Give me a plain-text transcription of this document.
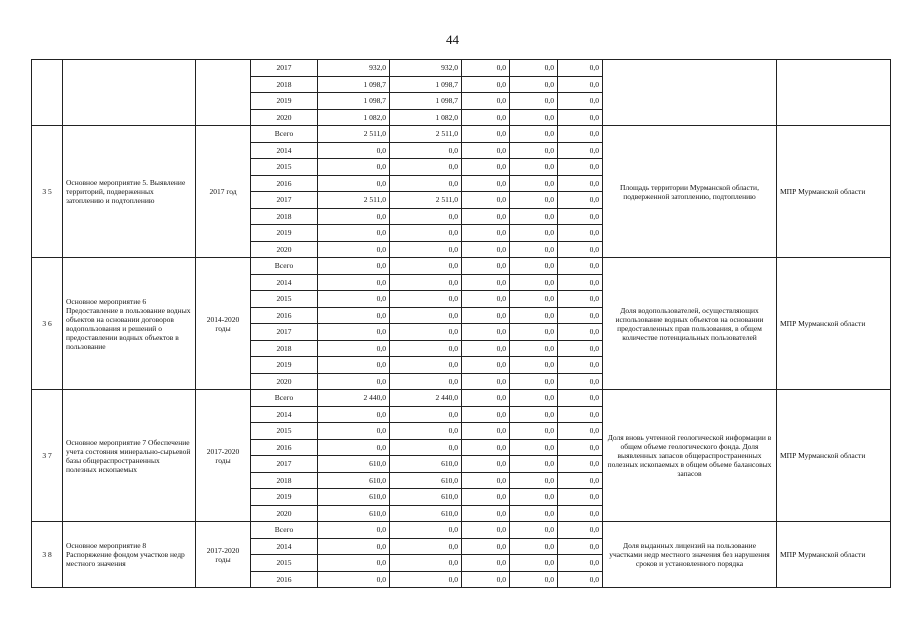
44
			2017	932,0	932,0	0,0	0,0	0,0		
			2018	1 098,7	1 098,7	0,0	0,0	0,0		
			2019	1 098,7	1 098,7	0,0	0,0	0,0		
			2020	1 082,0	1 082,0	0,0	0,0	0,0		
3 5	Основное мероприятие 5. Выявление территорий, подверженных затоплению и подтоплению	2017 год	Всего	2 511,0	2 511,0	0,0	0,0	0,0	Площадь территории Мурманской области, подверженной затоплению, подтоплению	МПР Мурманской области
			2014	0,0	0,0	0,0	0,0	0,0		
			2015	0,0	0,0	0,0	0,0	0,0		
			2016	0,0	0,0	0,0	0,0	0,0		
			2017	2 511,0	2 511,0	0,0	0,0	0,0		
			2018	0,0	0,0	0,0	0,0	0,0		
			2019	0,0	0,0	0,0	0,0	0,0		
			2020	0,0	0,0	0,0	0,0	0,0		
3 6	Основное мероприятие 6 Предоставление в пользование водных объектов на основании договоров водопользования и решений о предоставлении водных объектов в пользование	2014-2020 годы	Всего	0,0	0,0	0,0	0,0	0,0	Доля водопользователей, осуществляющих использование водных объектов на основании предоставленных прав пользования, в общем количестве потенциальных пользователей	МПР Мурманской области
			2014	0,0	0,0	0,0	0,0	0,0		
			2015	0,0	0,0	0,0	0,0	0,0		
			2016	0,0	0,0	0,0	0,0	0,0		
			2017	0,0	0,0	0,0	0,0	0,0		
			2018	0,0	0,0	0,0	0,0	0,0		
			2019	0,0	0,0	0,0	0,0	0,0		
			2020	0,0	0,0	0,0	0,0	0,0		
3 7	Основное мероприятие 7 Обеспечение учета состояния минерально-сырьевой базы общераспространенных полезных ископаемых	2017-2020 годы	Всего	2 440,0	2 440,0	0,0	0,0	0,0	Доля вновь учтенной геологической информации в общем объеме геологического фонда. Доля выявленных запасов общераспространенных полезных ископаемых в общем объеме балансовых запасов	МПР Мурманской области
			2014	0,0	0,0	0,0	0,0	0,0		
			2015	0,0	0,0	0,0	0,0	0,0		
			2016	0,0	0,0	0,0	0,0	0,0		
			2017	610,0	610,0	0,0	0,0	0,0		
			2018	610,0	610,0	0,0	0,0	0,0		
			2019	610,0	610,0	0,0	0,0	0,0		
			2020	610,0	610,0	0,0	0,0	0,0		
3 8	Основное мероприятие 8 Распоряжение фондом участков недр местного значения	2017-2020 годы	Всего	0,0	0,0	0,0	0,0	0,0	Доля выданных лицензий на пользование участками недр местного значения без нарушения сроков и установленного порядка	МПР Мурманской области
			2014	0,0	0,0	0,0	0,0	0,0		
			2015	0,0	0,0	0,0	0,0	0,0		
			2016	0,0	0,0	0,0	0,0	0,0		
